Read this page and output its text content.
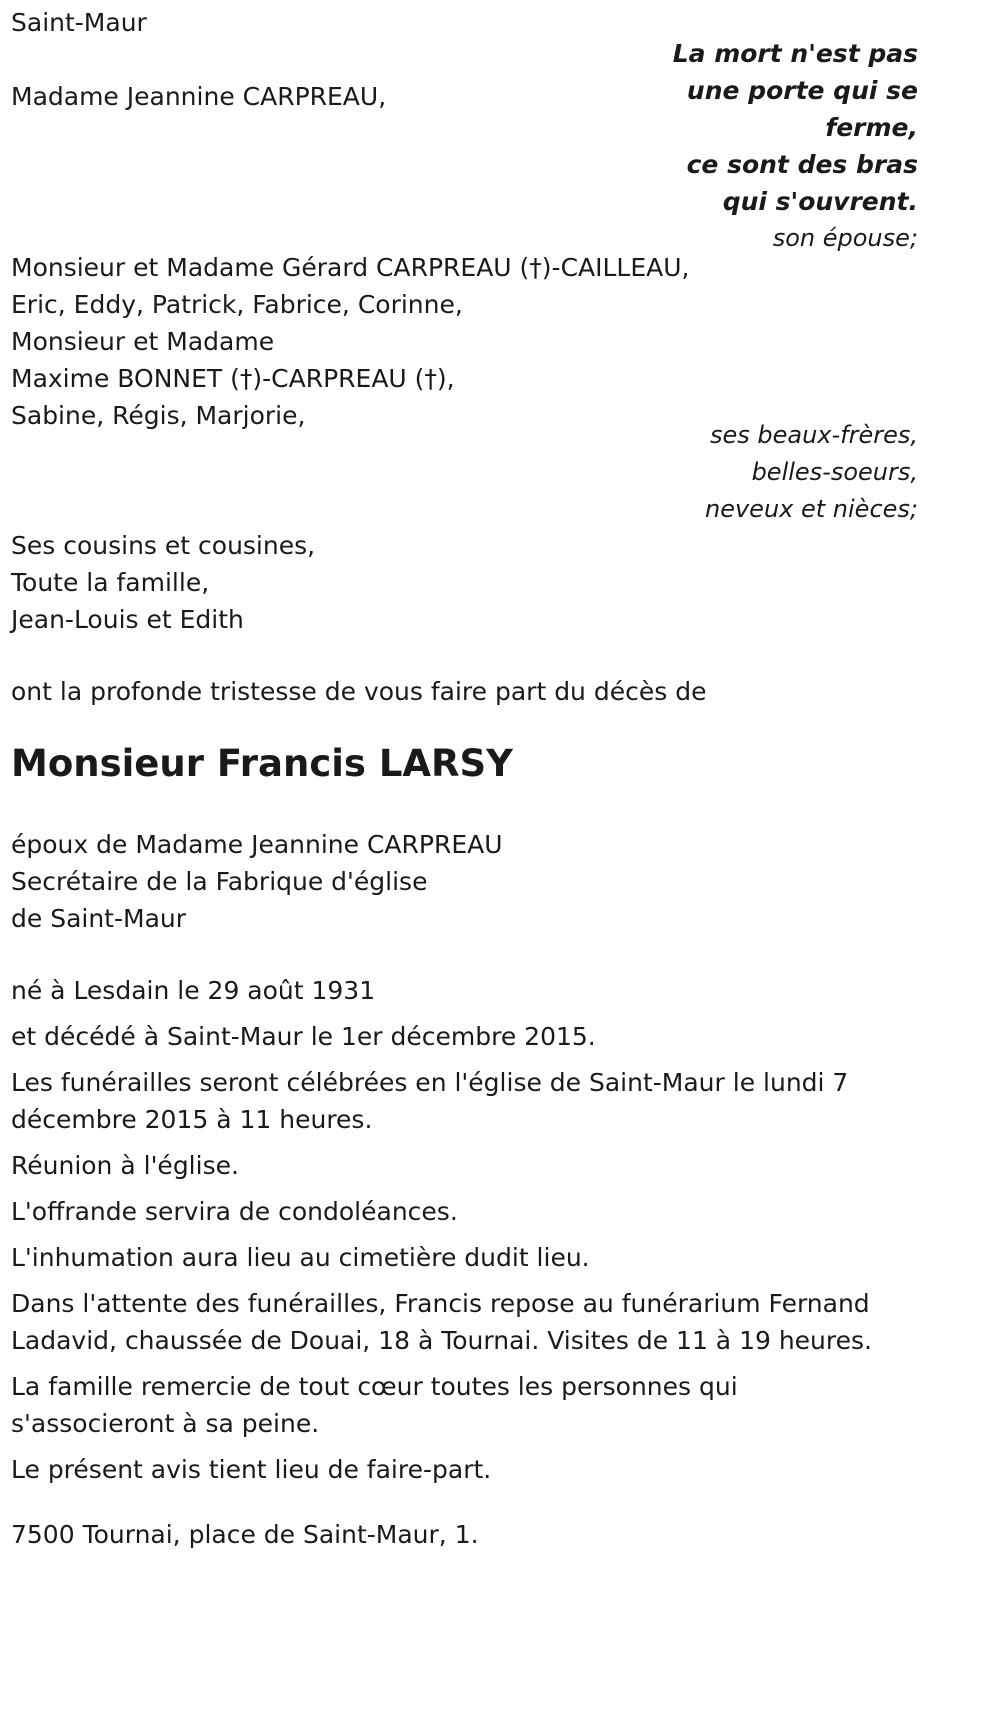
Saint-Maur
Madame Jeannine CARPREAU,
La mort n'est pas
une porte qui se
ferme,
ce sont des bras
qui s'ouvrent.
son épouse;
Monsieur et Madame Gérard CARPREAU (†)-CAILLEAU,
Eric, Eddy, Patrick, Fabrice, Corinne,
Monsieur et Madame
Maxime BONNET (†)-CARPREAU (†),
Sabine, Régis, Marjorie,
ses beaux-frères,
belles-soeurs,
neveux et nièces;
Ses cousins et cousines,
Toute la famille,
Jean-Louis et Edith
ont la profonde tristesse de vous faire part du décès de
Monsieur Francis LARSY
époux de Madame Jeannine CARPREAU
Secrétaire de la Fabrique d'église
de Saint-Maur
né à Lesdain le 29 août 1931
et décédé à Saint-Maur le 1er décembre 2015.
Les funérailles seront célébrées en l'église de Saint-Maur le lundi 7 décembre 2015 à 11 heures.
Réunion à l'église.
L'offrande servira de condoléances.
L'inhumation aura lieu au cimetière dudit lieu.
Dans l'attente des funérailles, Francis repose au funérarium Fernand Ladavid, chaussée de Douai, 18 à Tournai. Visites de 11 à 19 heures.
La famille remercie de tout cœur toutes les personnes qui s'associeront à sa peine.
Le présent avis tient lieu de faire-part.
7500 Tournai, place de Saint-Maur, 1.
